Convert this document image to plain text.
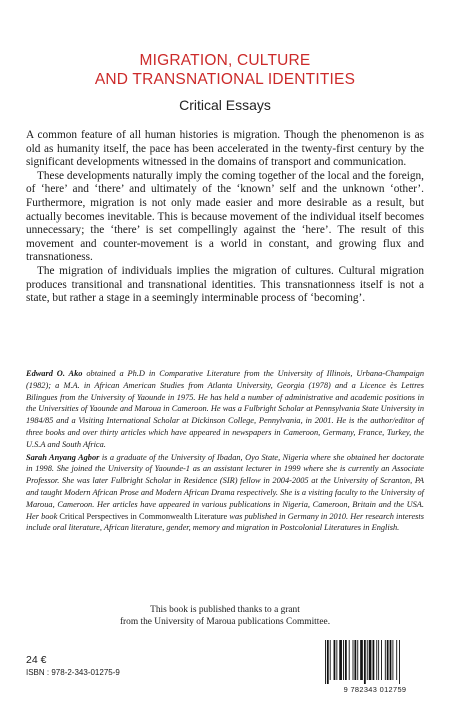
MIGRATION, CULTURE
AND TRANSNATIONAL IDENTITIES
Critical Essays

A common feature of all human histories is migration. Though the phenomenon is as old as humanity itself, the pace has been accelerated in the twenty-first century by the significant developments witnessed in the domains of transport and communication.

These developments naturally imply the coming together of the local and the foreign, of ‘here’ and ‘there’ and ultimately of the ‘known’ self and the unknown ‘other’. Furthermore, migration is not only made easier and more desirable as a result, but actually becomes inevitable. This is because movement of the individual itself becomes unnecessary; the ‘there’ is set compellingly against the ‘here’. The result of this movement and counter-movement is a world in constant, and growing flux and transnationess.

The migration of individuals implies the migration of cultures. Cultural migration produces transitional and transnational identities. This transnationness itself is not a state, but rather a stage in a seemingly interminable process of ‘becoming’.

Edward O. Ako obtained a Ph.D in Comparative Literature from the University of Illinois, Urbana-Champaign (1982); a M.A. in African American Studies from Atlanta University, Georgia (1978) and a Licence ès Lettres Bilingues from the University of Yaounde in 1975. He has held a number of administrative and academic positions in the Universities of Yaounde and Maroua in Cameroon. He was a Fulbright Scholar at Pennsylvania State University in 1984/85 and a Visiting International Scholar at Dickinson College, Pennylvania, in 2001. He is the author/editor of three books and over thirty articles which have appeared in newspapers in Cameroon, Germany, France, Turkey, the U.S.A and South Africa.

Sarah Anyang Agbor is a graduate of the University of Ibadan, Oyo State, Nigeria where she obtained her doctorate in 1998. She joined the University of Yaounde-1 as an assistant lecturer in 1999 where she is currently an Associate Professor. She was later Fulbright Scholar in Residence (SIR) fellow in 2004-2005 at the University of Scranton, PA and taught Modern African Prose and Modern African Drama respectively. She is a visiting faculty to the University of Maroua, Cameroon. Her articles have appeared in various publications in Nigeria, Cameroon, Britain and the USA. Her book Critical Perspectives in Commonwealth Literature was published in Germany in 2010. Her research interests include oral literature, African literature, gender, memory and migration in Postcolonial Literatures in English.

This book is published thanks to a grant
from the University of Maroua publications Committee.
24 €
ISBN : 978-2-343-01275-9
9 782343 012759
